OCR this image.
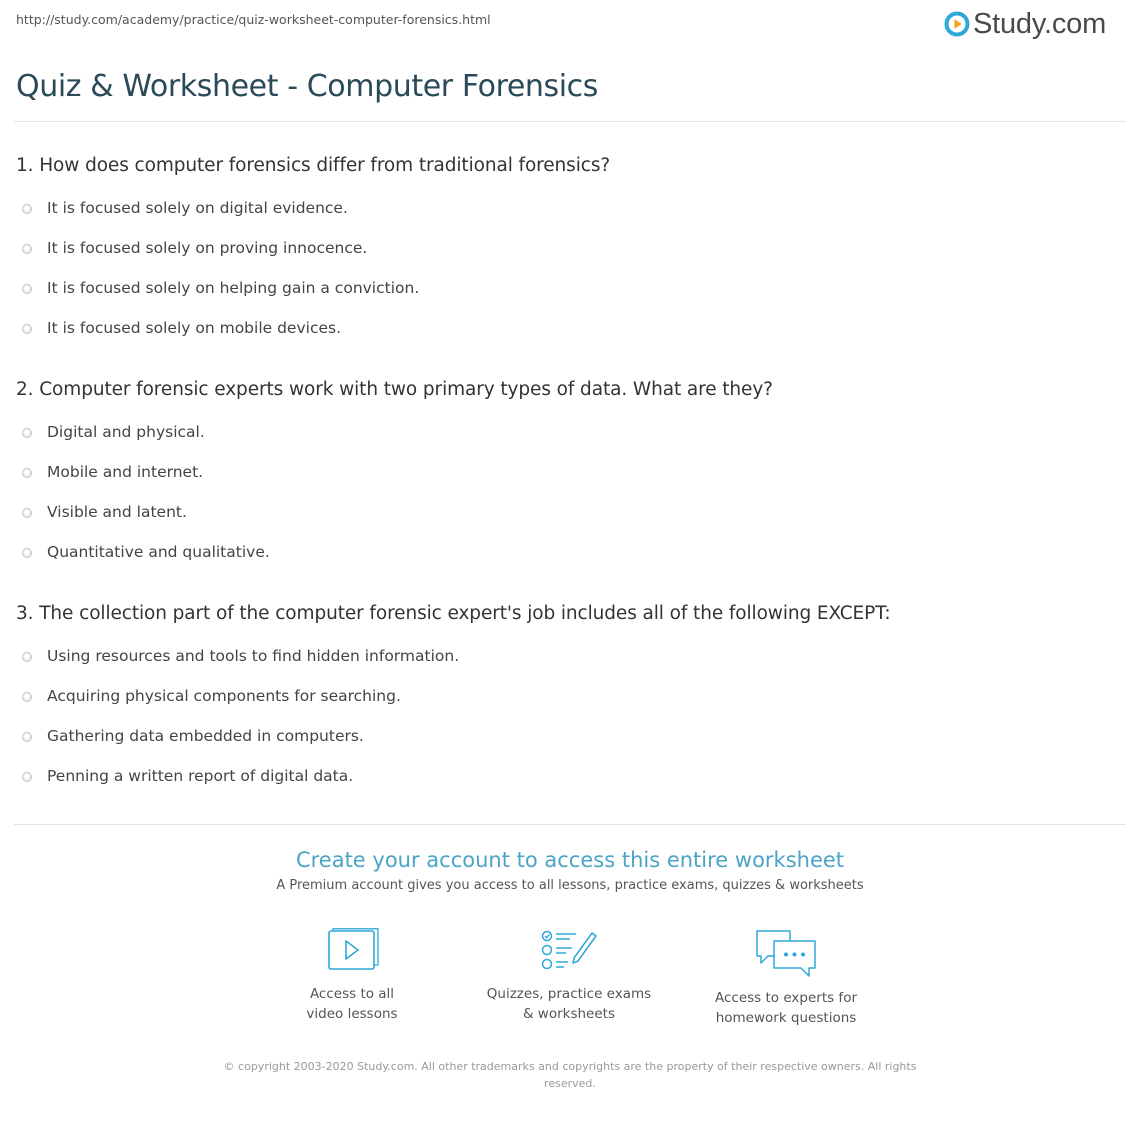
http://study.com/academy/practice/quiz-worksheet-computer-forensics.html	Study.com
Quiz & Worksheet - Computer Forensics
1. How does computer forensics differ from traditional forensics?
It is focused solely on digital evidence.
It is focused solely on proving innocence.
It is focused solely on helping gain a conviction.
It is focused solely on mobile devices.
2. Computer forensic experts work with two primary types of data. What are they?
Digital and physical.
Mobile and internet.
Visible and latent.
Quantitative and qualitative.
3. The collection part of the computer forensic expert's job includes all of the following EXCEPT:
Using resources and tools to find hidden information.
Acquiring physical components for searching.
Gathering data embedded in computers.
Penning a written report of digital data.
Create your account to access this entire worksheet
A Premium account gives you access to all lessons, practice exams, quizzes & worksheets
Access to all
video lessons
Quizzes, practice exams
& worksheets
Access to experts for
homework questions
© copyright 2003-2020 Study.com. All other trademarks and copyrights are the property of their respective owners. All rights reserved.
